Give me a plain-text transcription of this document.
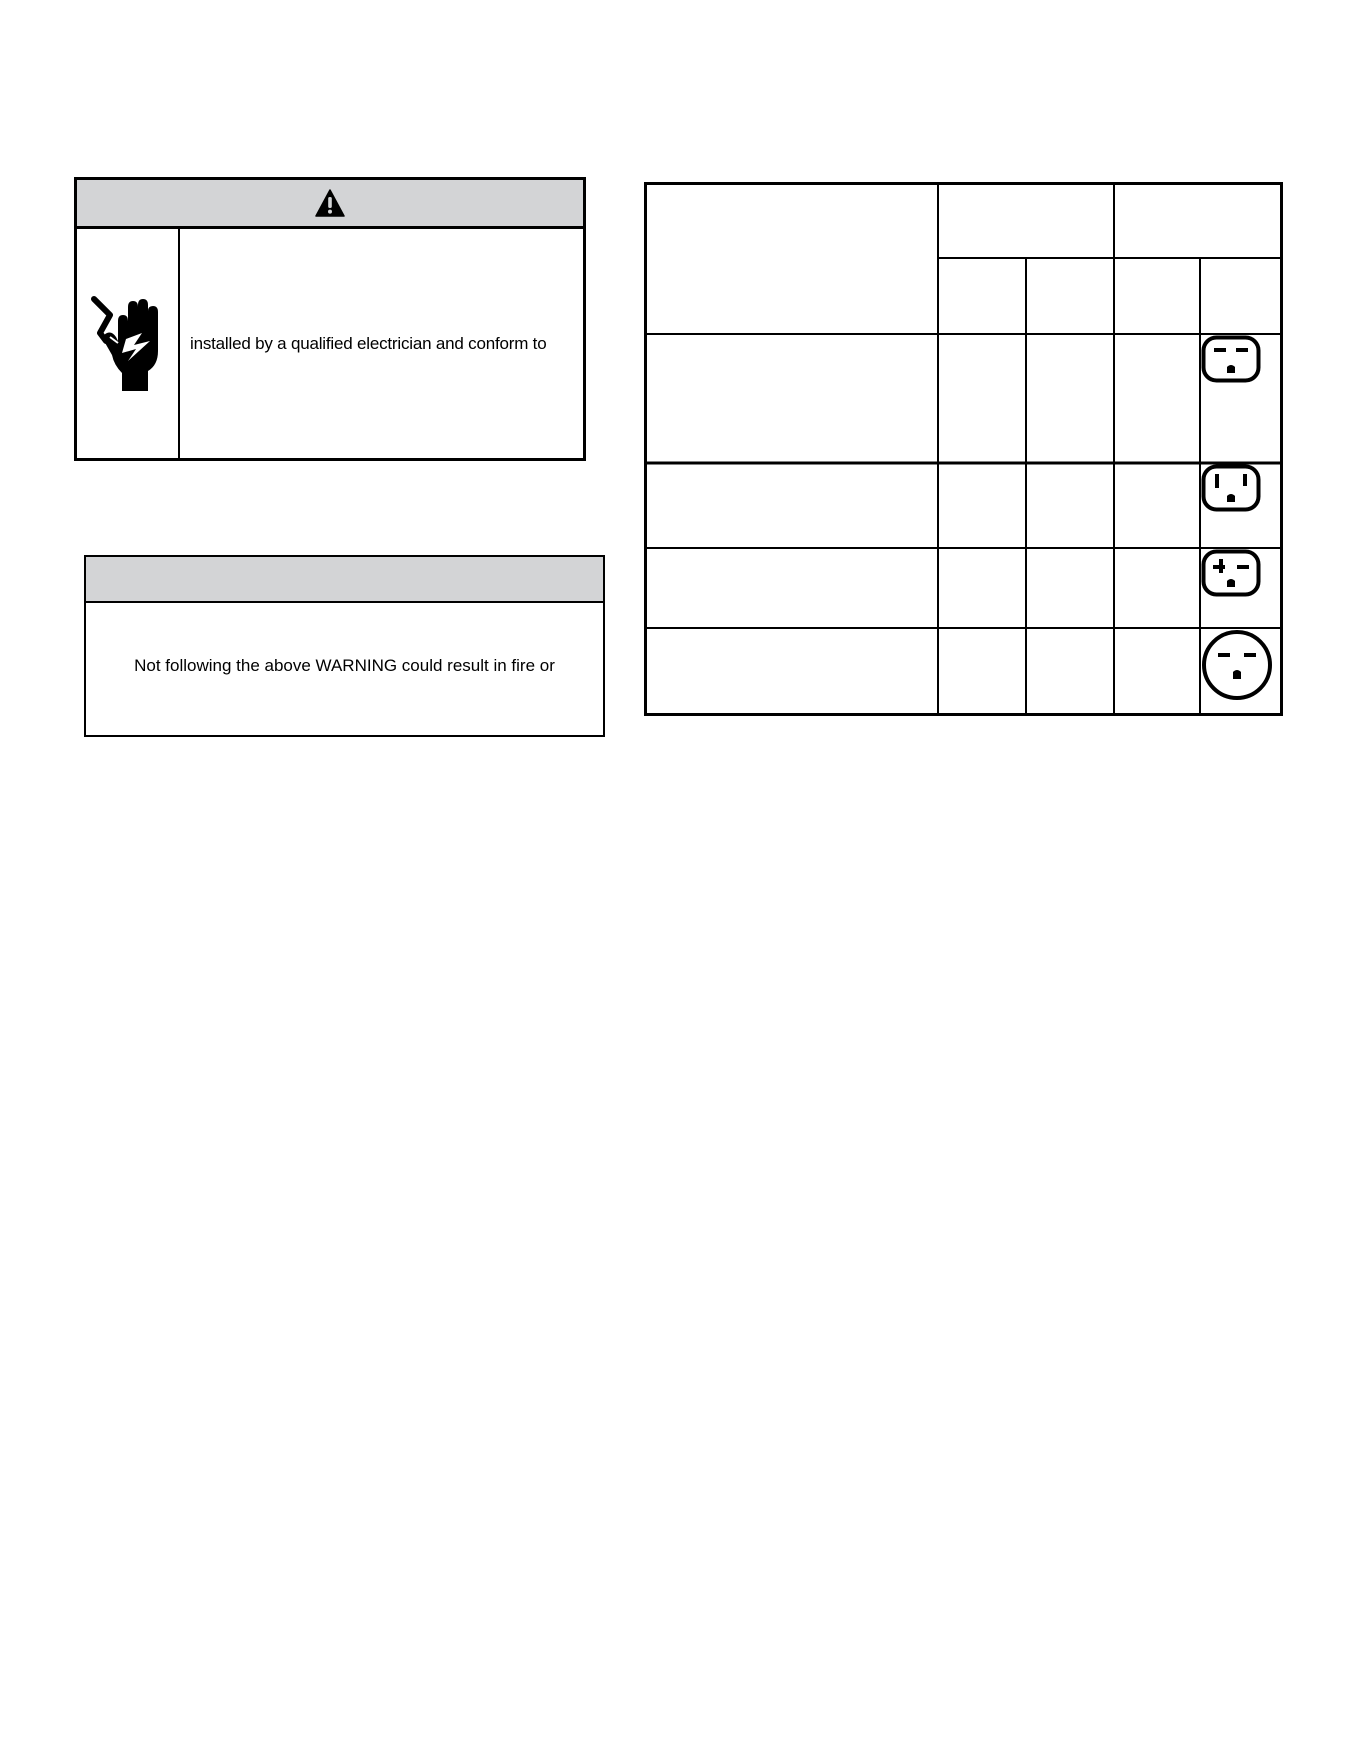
installed by a qualified electrician and conform to
Not following the above WARNING could result in fire or
